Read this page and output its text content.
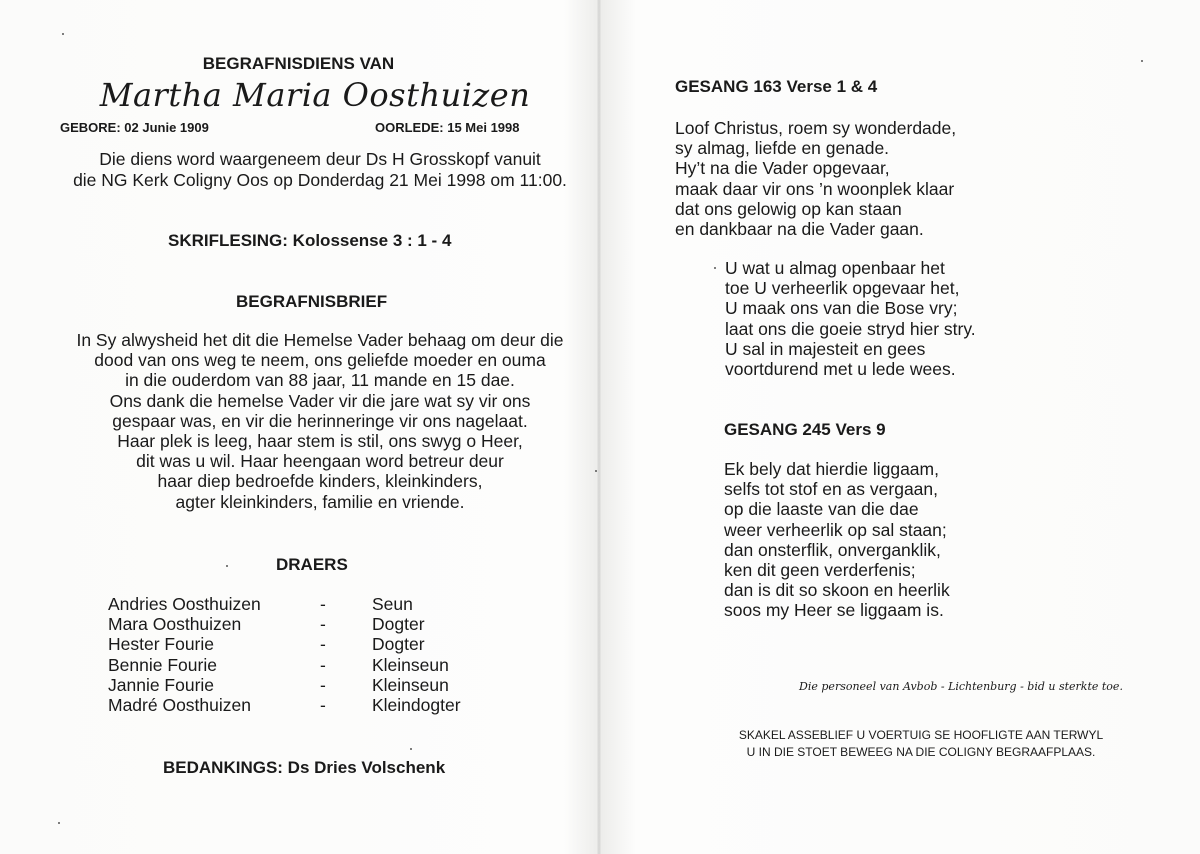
BEGRAFNISDIENS VAN
Martha Maria Oosthuizen
GEBORE: 02 Junie 1909	OORLEDE: 15 Mei 1998
Die diens word waargeneem deur Ds H Grosskopf vanuit
die NG Kerk Coligny Oos op Donderdag 21 Mei 1998 om 11:00.
SKRIFLESING: Kolossense 3 : 1 - 4
BEGRAFNISBRIEF
In Sy alwysheid het dit die Hemelse Vader behaag om deur die
dood van ons weg te neem, ons geliefde moeder en ouma
in die ouderdom van 88 jaar, 11 mande en 15 dae.
Ons dank die hemelse Vader vir die jare wat sy vir ons
gespaar was, en vir die herinneringe vir ons nagelaat.
Haar plek is leeg, haar stem is stil, ons swyg o Heer,
dit was u wil. Haar heengaan word betreur deur
haar diep bedroefde kinders, kleinkinders,
agter kleinkinders, familie en vriende.
DRAERS
Andries Oosthuizen	-	Seun
Mara Oosthuizen	-	Dogter
Hester Fourie	-	Dogter
Bennie Fourie	-	Kleinseun
Jannie Fourie	-	Kleinseun
Madré Oosthuizen	-	Kleindogter
BEDANKINGS: Ds Dries Volschenk
GESANG 163 Verse 1 & 4
Loof Christus, roem sy wonderdade,
sy almag, liefde en genade.
Hy’t na die Vader opgevaar,
maak daar vir ons ’n woonplek klaar
dat ons gelowig op kan staan
en dankbaar na die Vader gaan.
U wat u almag openbaar het
toe U verheerlik opgevaar het,
U maak ons van die Bose vry;
laat ons die goeie stryd hier stry.
U sal in majesteit en gees
voortdurend met u lede wees.
GESANG 245 Vers 9
Ek bely dat hierdie liggaam,
selfs tot stof en as vergaan,
op die laaste van die dae
weer verheerlik op sal staan;
dan onsterflik, onverganklik,
ken dit geen verderfenis;
dan is dit so skoon en heerlik
soos my Heer se liggaam is.
Die personeel van Avbob - Lichtenburg - bid u sterkte toe.
SKAKEL ASSEBLIEF U VOERTUIG SE HOOFLIGTE AAN TERWYL
U IN DIE STOET BEWEEG NA DIE COLIGNY BEGRAAFPLAAS.
